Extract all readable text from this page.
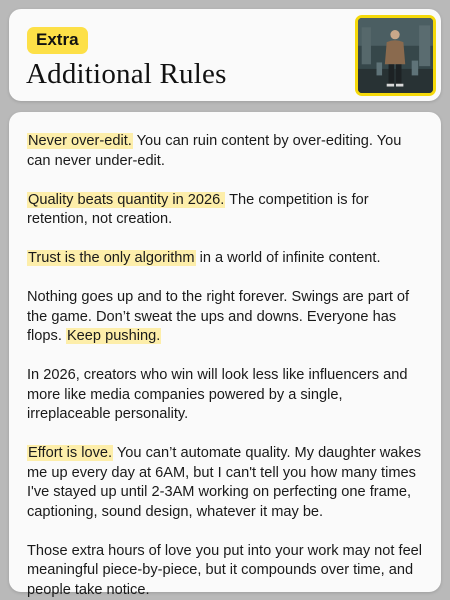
Extra
Additional Rules

Never over-edit. You can ruin content by over-editing. You can never under-edit.

Quality beats quantity in 2026. The competition is for retention, not creation.

Trust is the only algorithm in a world of infinite content.

Nothing goes up and to the right forever. Swings are part of the game. Don’t sweat the ups and downs. Everyone has flops. Keep pushing.

In 2026, creators who win will look less like influencers and more like media companies powered by a single, irreplaceable personality.

Effort is love. You can’t automate quality. My daughter wakes me up every day at 6AM, but I can't tell you how many times I've stayed up until 2-3AM working on perfecting one frame, captioning, sound design, whatever it may be.

Those extra hours of love you put into your work may not feel meaningful piece-by-piece, but it compounds over time, and people take notice.
